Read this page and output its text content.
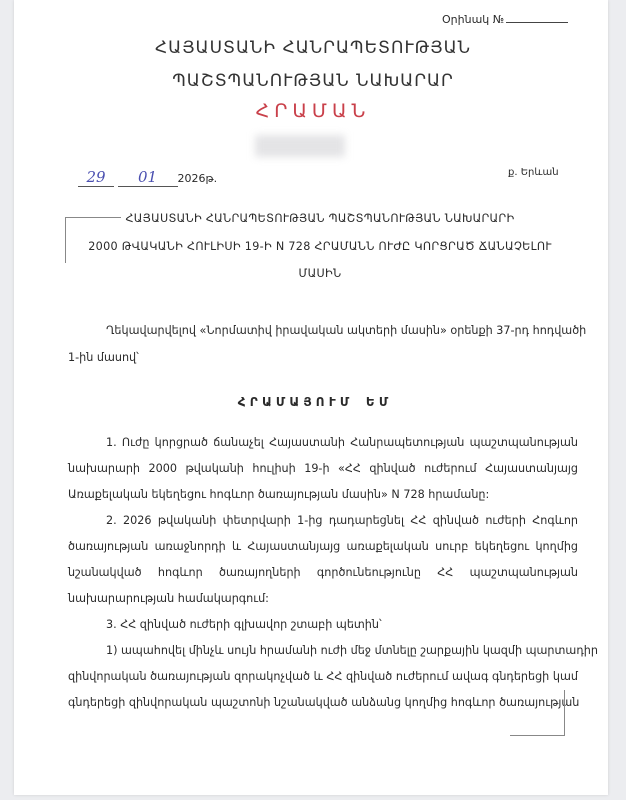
Օրինակ №
ՀԱՅԱՍՏԱՆԻ ՀԱՆՐԱՊԵՏՈՒԹՅԱՆ
ՊԱՇՏՊԱՆՈՒԹՅԱՆ ՆԱԽԱՐԱՐ
ՀՐԱՄԱՆ
29 01 2026թ.	ք. Երևան
ՀԱՅԱՍՏԱՆԻ ՀԱՆՐԱՊԵՏՈՒԹՅԱՆ ՊԱՇՏՊԱՆՈՒԹՅԱՆ ՆԱԽԱՐԱՐԻ
2000 ԹՎԱԿԱՆԻ ՀՈՒԼԻՍԻ 19-Ի N 728 ՀՐԱՄԱՆՆ ՈՒԺԸ ԿՈՐՑՐԱԾ ՃԱՆԱՉԵԼՈՒ
ՄԱՍԻՆ
Ղեկավարվելով «Նորմատիվ իրավական ակտերի մասին» օրենքի 37-րդ հոդվածի
1-ին մասով՝
Հ Ր Ա Մ Ա Յ Ո Ւ Մ    Ե Մ
1. Ուժը կորցրած ճանաչել Հայաստանի Հանրապետության պաշտպանության
նախարարի 2000 թվականի հուլիսի 19-ի «ՀՀ զինված ուժերում Հայաստանյայց
Առաքելական եկեղեցու հոգևոր ծառայության մասին» N 728 հրամանը:
2. 2026 թվականի փետրվարի 1-ից դադարեցնել ՀՀ զինված ուժերի Հոգևոր
ծառայության առաջնորդի և Հայաստանյայց առաքելական սուրբ եկեղեցու կողմից
նշանակված հոգևոր ծառայողների գործունեությունը ՀՀ պաշտպանության
նախարարության համակարգում:
3. ՀՀ զինված ուժերի գլխավոր շտաբի պետին՝
1) ապահովել մինչև սույն հրամանի ուժի մեջ մտնելը շարքային կազմի պարտադիր
զինվորական ծառայության զորակոչված և ՀՀ զինված ուժերում ավագ գնդերեցի կամ
գնդերեցի զինվորական պաշտոնի նշանակված անձանց կողմից հոգևոր ծառայության
